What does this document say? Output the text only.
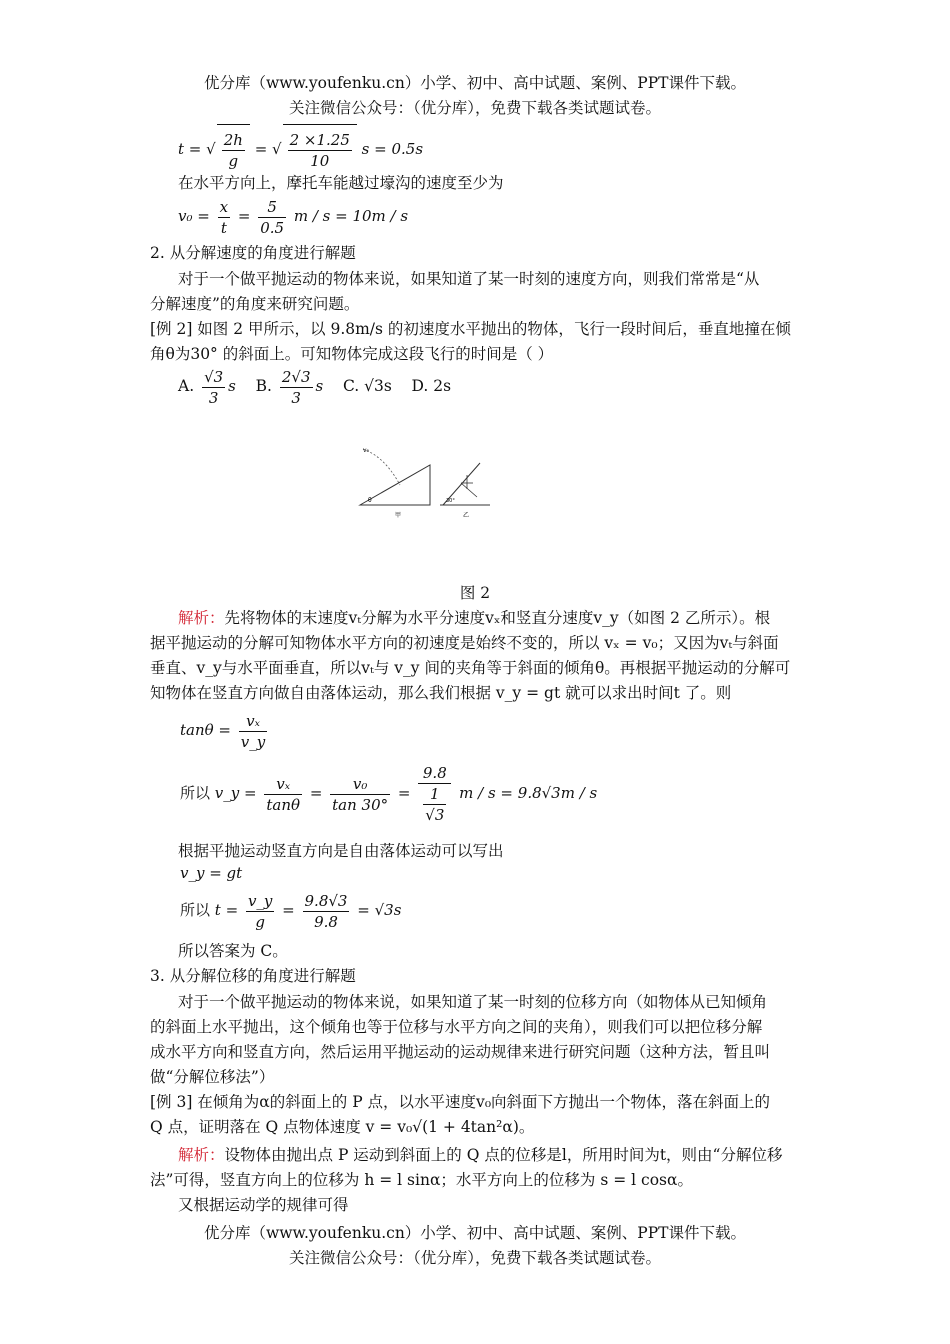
优分库（www.youfenku.cn）小学、初中、高中试题、案例、PPT课件下载。
关注微信公众号：（优分库），免费下载各类试题试卷。
t = √ $\frac{2h}{g}$ = √ $\frac{2 \times 1.25}{10}$ s = 0.5s
在水平方向上，摩托车能越过壕沟的速度至少为
$v_0 = \frac{x}{t} = \frac{5}{0.5}$ m / s = 10m / s
2. 从分解速度的角度进行解题
对于一个做平抛运动的物体来说，如果知道了某一时刻的速度方向，则我们常常是“从
分解速度”的角度来研究问题。
[例 2] 如图 2 甲所示，以 9.8m/s 的初速度水平抛出的物体，飞行一段时间后，垂直地撞在倾
角θ为30° 的斜面上。可知物体完成这段飞行的时间是（ ）
A. $\frac{√3}{3}$ s B. $\frac{2√3}{3}$ s C. √3s D. 2s
v₀
θ
甲
30°
乙
图 2
解析：先将物体的末速度vₜ分解为水平分速度vₓ和竖直分速度v_y（如图 2 乙所示）。根
据平抛运动的分解可知物体水平方向的初速度是始终不变的，所以 vₓ = v₀；又因为vₜ与斜面
垂直、v_y与水平面垂直，所以vₜ与 v_y 间的夹角等于斜面的倾角θ。再根据平抛运动的分解可
知物体在竖直方向做自由落体运动，那么我们根据 v_y = gt 就可以求出时间t 了。则
$\tan\theta = \frac{\text{vₓ}}{v\_y}$
所以 v_y = $\frac{\text{vₓ}}{\tan\theta} = \frac{\text{v₀}}{\tan 30^\circ} = \frac{9.8}{\frac{1}{√3}}$ m / s = 9.8√3m / s
根据平抛运动竖直方向是自由落体运动可以写出
v_y = gt
所以 $t = \frac{v\_y}{g} = \frac{9.8√3}{9.8} = √3s$
所以答案为 C。
3. 从分解位移的角度进行解题
对于一个做平抛运动的物体来说，如果知道了某一时刻的位移方向（如物体从已知倾角
的斜面上水平抛出，这个倾角也等于位移与水平方向之间的夹角），则我们可以把位移分解
成水平方向和竖直方向，然后运用平抛运动的运动规律来进行研究问题（这种方法，暂且叫
做“分解位移法”）
[例 3] 在倾角为α的斜面上的 P 点，以水平速度v₀向斜面下方抛出一个物体，落在斜面上的
Q 点，证明落在 Q 点物体速度 v = v₀√(1 + 4tan²α)。
解析：设物体由抛出点 P 运动到斜面上的 Q 点的位移是l，所用时间为t，则由“分解位移
法”可得，竖直方向上的位移为 h = l sinα；水平方向上的位移为 s = l cosα。
又根据运动学的规律可得
优分库（www.youfenku.cn）小学、初中、高中试题、案例、PPT课件下载。
关注微信公众号：（优分库），免费下载各类试题试卷。
